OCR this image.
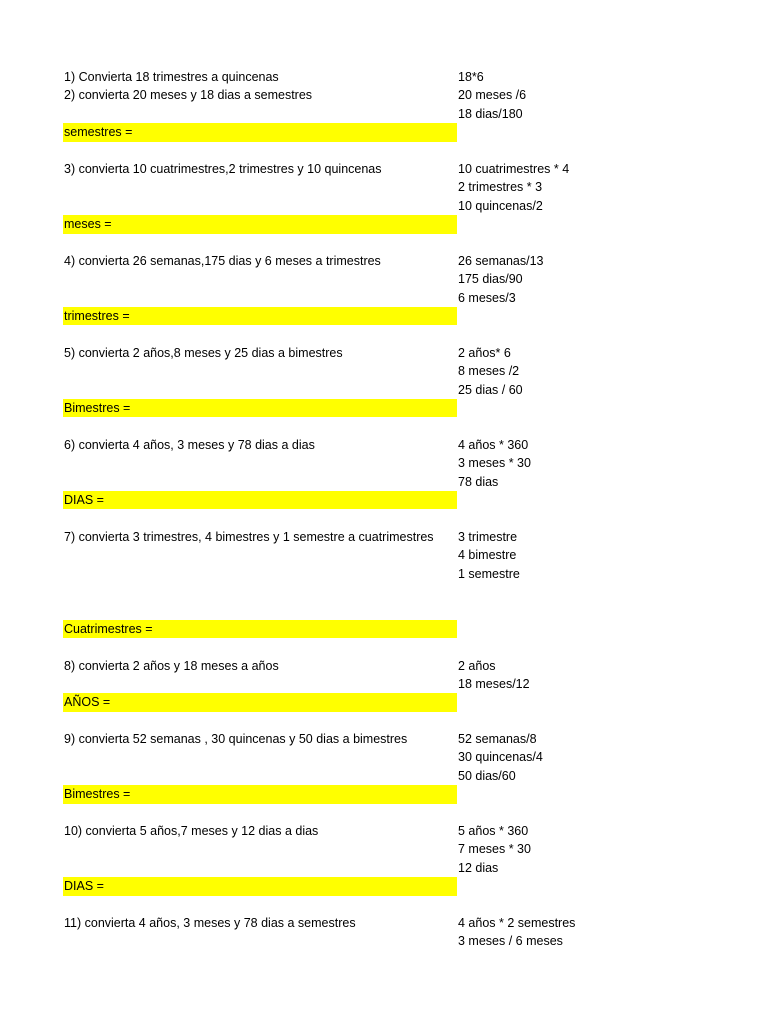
1) Convierta 18 trimestres a quincenas	18*6
2) convierta 20 meses y 18 dias a semestres	20 meses /6
18 dias/180
semestres =
3) convierta 10 cuatrimestres,2 trimestres y 10 quincenas	10 cuatrimestres * 4
2 trimestres * 3
10 quincenas/2
meses =
4) convierta 26 semanas,175 dias y 6 meses a trimestres	26 semanas/13
175 dias/90
6 meses/3
trimestres =
5) convierta 2 años,8 meses y 25 dias a bimestres	2 años* 6
8 meses /2
25 dias / 60
Bimestres =
6) convierta 4 años, 3 meses y 78 dias a dias	4 años * 360
3 meses * 30
78 dias
DIAS =
7) convierta 3 trimestres, 4 bimestres y 1 semestre a cuatrimestres	3 trimestre
4 bimestre
1 semestre
Cuatrimestres =
8) convierta 2 años y 18 meses a años	2 años
18 meses/12
AÑOS =
9) convierta 52 semanas , 30 quincenas y 50 dias a bimestres	52 semanas/8
30 quincenas/4
50 dias/60
Bimestres =
10) convierta 5 años,7 meses y 12 dias a dias	5 años * 360
7 meses * 30
12 dias
DIAS =
11) convierta 4 años, 3 meses y 78 dias a semestres	4 años * 2 semestres
3 meses / 6 meses
